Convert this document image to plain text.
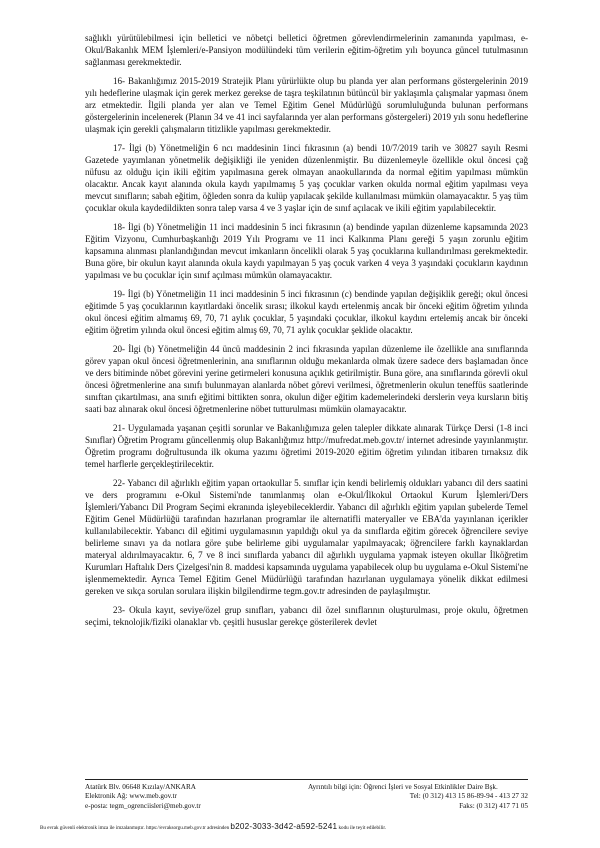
sağlıklı yürütülebilmesi için belletici ve nöbetçi belletici öğretmen görevlendirmelerinin zamanında yapılması, e-Okul/Bakanlık MEM İşlemleri/e-Pansiyon modülündeki tüm verilerin eğitim-öğretim yılı boyunca güncel tutulmasının sağlanması gerekmektedir.

16- Bakanlığımız 2015-2019 Stratejik Planı yürürlükte olup bu planda yer alan performans göstergelerinin 2019 yılı hedeflerine ulaşmak için gerek merkez gerekse de taşra teşkilatının bütüncül bir yaklaşımla çalışmalar yapması önem arz etmektedir. İlgili planda yer alan ve Temel Eğitim Genel Müdürlüğü sorumluluğunda bulunan performans göstergelerinin incelenerek (Planın 34 ve 41 inci sayfalarında yer alan performans göstergeleri) 2019 yılı sonu hedeflerine ulaşmak için gerekli çalışmaların titizlikle yapılması gerekmektedir.

17- İlgi (b) Yönetmeliğin 6 ncı maddesinin 1inci fıkrasının (a) bendi 10/7/2019 tarih ve 30827 sayılı Resmi Gazetede yayımlanan yönetmelik değişikliği ile yeniden düzenlenmiştir. Bu düzenlemeyle özellikle okul öncesi çağ nüfusu az olduğu için ikili eğitim yapılmasına gerek olmayan anaokullarında da normal eğitim yapılması mümkün olacaktır. Ancak kayıt alanında okula kaydı yapılmamış 5 yaş çocuklar varken okulda normal eğitim yapılması veya mevcut sınıfların; sabah eğitim, öğleden sonra da kulüp yapılacak şekilde kullanılması mümkün olamayacaktır. 5 yaş tüm çocuklar okula kaydedildikten sonra talep varsa 4 ve 3 yaşlar için de sınıf açılacak ve ikili eğitim yapılabilecektir.

18- İlgi (b) Yönetmeliğin 11 inci maddesinin 5 inci fıkrasının (a) bendinde yapılan düzenleme kapsamında 2023 Eğitim Vizyonu, Cumhurbaşkanlığı 2019 Yılı Programı ve 11 inci Kalkınma Planı gereği 5 yaşın zorunlu eğitim kapsamına alınması planlandığından mevcut imkanların öncelikli olarak 5 yaş çocuklarına kullandırılması gerekmektedir. Buna göre, bir okulun kayıt alanında okula kaydı yapılmayan 5 yaş çocuk varken 4 veya 3 yaşındaki çocukların kaydının yapılması ve bu çocuklar için sınıf açılması mümkün olamayacaktır.

19- İlgi (b) Yönetmeliğin 11 inci maddesinin 5 inci fıkrasının (c) bendinde yapılan değişiklik gereği; okul öncesi eğitimde 5 yaş çocuklarının kayıtlardaki öncelik sırası; ilkokul kaydı ertelenmiş ancak bir önceki eğitim öğretim yılında okul öncesi eğitim almamış 69, 70, 71 aylık çocuklar, 5 yaşındaki çocuklar, ilkokul kaydını ertelemiş ancak bir önceki eğitim öğretim yılında okul öncesi eğitim almış 69, 70, 71 aylık çocuklar şeklide olacaktır.

20- İlgi (b) Yönetmeliğin 44 üncü maddesinin 2 inci fıkrasında yapılan düzenleme ile özellikle ana sınıflarında görev yapan okul öncesi öğretmenlerinin, ana sınıflarının olduğu mekanlarda olmak üzere sadece ders başlamadan önce ve ders bitiminde nöbet görevini yerine getirmeleri konusuna açıklık getirilmiştir. Buna göre, ana sınıflarında görevli okul öncesi öğretmenlerine ana sınıfı bulunmayan alanlarda nöbet görevi verilmesi, öğretmenlerin okulun teneffüs saatlerinde sınıftan çıkartılması, ana sınıfı eğitimi bittikten sonra, okulun diğer eğitim kademelerindeki derslerin veya kursların bitiş saati baz alınarak okul öncesi öğretmenlerine nöbet tutturulması mümkün olamayacaktır.

21- Uygulamada yaşanan çeşitli sorunlar ve Bakanlığımıza gelen talepler dikkate alınarak Türkçe Dersi (1-8 inci Sınıflar) Öğretim Programı güncellenmiş olup Bakanlığımız http://mufredat.meb.gov.tr/ internet adresinde yayınlanmıştır. Öğretim programı doğrultusunda ilk okuma yazımı öğretimi 2019-2020 eğitim öğretim yılından itibaren tırnaksız dik temel harflerle gerçekleştirilecektir.

22- Yabancı dil ağırlıklı eğitim yapan ortaokullar 5. sınıflar için kendi belirlemiş oldukları yabancı dil ders saatini ve ders programını e-Okul Sistemi'nde tanımlanmış olan e-Okul/İlkokul Ortaokul Kurum İşlemleri/Ders İşlemleri/Yabancı Dil Program Seçimi ekranında işleyebileceklerdir. Yabancı dil ağırlıklı eğitim yapılan şubelerde Temel Eğitim Genel Müdürlüğü tarafından hazırlanan programlar ile alternatifli materyaller ve EBA'da yayınlanan içerikler kullanılabilecektir. Yabancı dil eğitimi uygulamasının yapıldığı okul ya da sınıflarda eğitim görecek öğrencilere seviye belirleme sınavı ya da notlara göre şube belirleme gibi uygulamalar yapılmayacak; öğrencilere farklı kaynaklardan materyal aldırılmayacaktır. 6, 7 ve 8 inci sınıflarda yabancı dil ağırlıklı uygulama yapmak isteyen okullar İlköğretim Kurumları Haftalık Ders Çizelgesi'nin 8. maddesi kapsamında uygulama yapabilecek olup bu uygulama e-Okul Sistemi'ne işlenmemektedir. Ayrıca Temel Eğitim Genel Müdürlüğü tarafından hazırlanan uygulamaya yönelik dikkat edilmesi gereken ve sıkça sorulan sorulara ilişkin bilgilendirme tegm.gov.tr adresinden de paylaşılmıştır.

23- Okula kayıt, seviye/özel grup sınıfları, yabancı dil özel sınıflarının oluşturulması, proje okulu, öğretmen seçimi, teknolojik/fiziki olanaklar vb. çeşitli hususlar gerekçe gösterilerek devlet

Atatürk Blv. 06648 Kızılay/ANKARA
Elektronik Ağ: www.meb.gov.tr
e-posta: tegm_ogrenciisleri@meb.gov.tr
Ayrıntılı bilgi için: Öğrenci İşleri ve Sosyal Etkinlikler Daire Bşk.
Tel: (0 312) 413 15 86-89-94 - 413 27 32
Faks: (0 312) 417 71 05
Bu evrak güvenli elektronik imza ile imzalanmıştır. https://evraksorgu.meb.gov.tr adresinden b202-3033-3d42-a592-5241 kodu ile teyit edilebilir.
